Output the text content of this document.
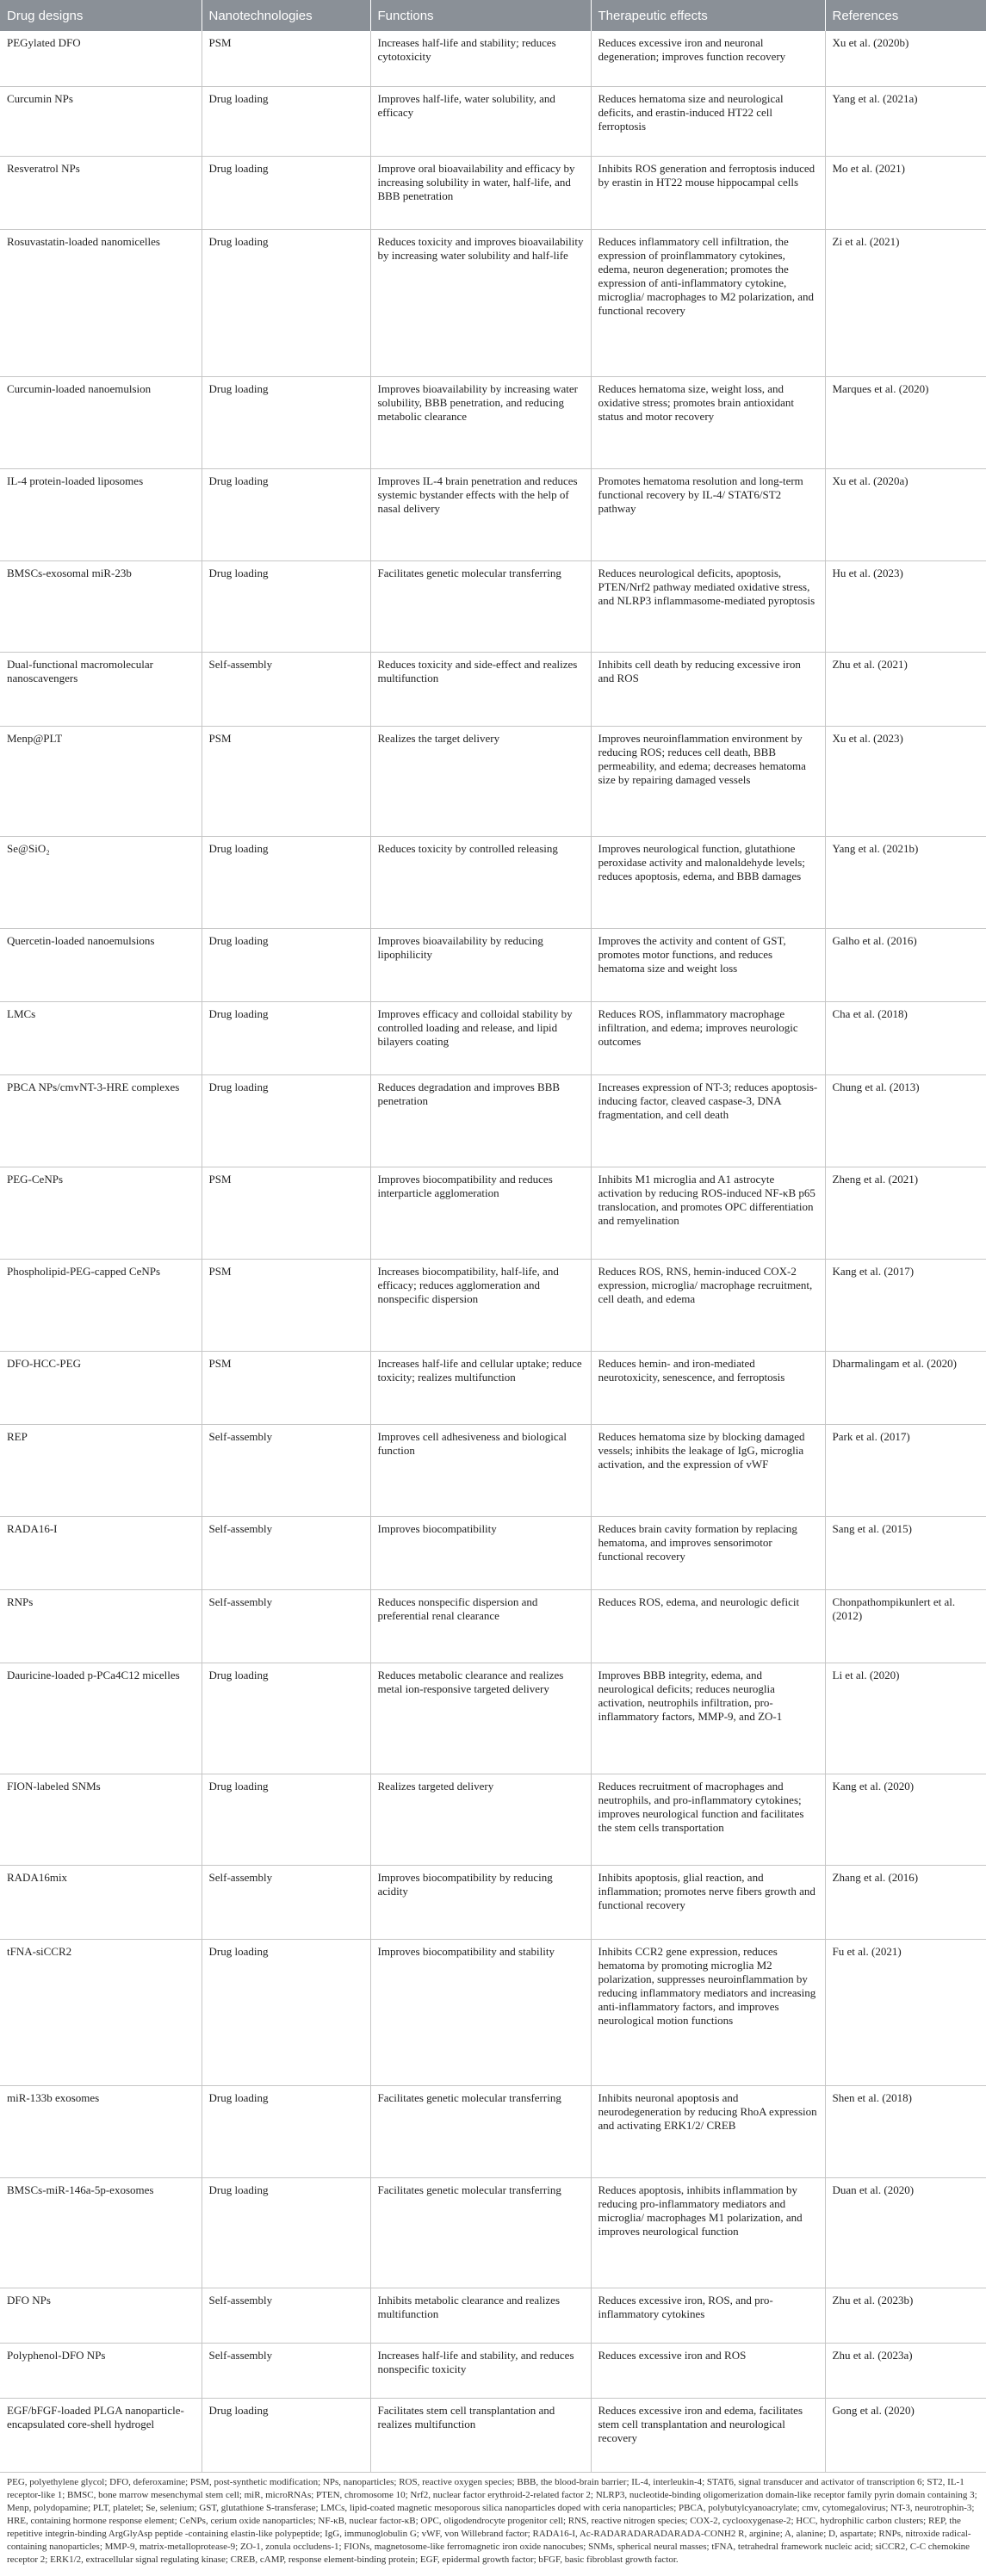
Drug designs	Nanotechnologies	Functions	Therapeutic effects	References
PEGylated DFO	PSM	Increases half-life and stability; reduces cytotoxicity	Reduces excessive iron and neuronal degeneration; improves function recovery	Xu et al. (2020b)
Curcumin NPs	Drug loading	Improves half-life, water solubility, and efficacy	Reduces hematoma size and neurological deficits, and erastin-induced HT22 cell ferroptosis	Yang et al. (2021a)
Resveratrol NPs	Drug loading	Improve oral bioavailability and efficacy by increasing solubility in water, half-life, and BBB penetration	Inhibits ROS generation and ferroptosis induced by erastin in HT22 mouse hippocampal cells	Mo et al. (2021)
Rosuvastatin-loaded nanomicelles	Drug loading	Reduces toxicity and improves bioavailability by increasing water solubility and half-life	Reduces inflammatory cell infiltration, the expression of proinflammatory cytokines, edema, neuron degeneration; promotes the expression of anti-inflammatory cytokine, microglia/ macrophages to M2 polarization, and functional recovery	Zi et al. (2021)
Curcumin-loaded nanoemulsion	Drug loading	Improves bioavailability by increasing water solubility, BBB penetration, and reducing metabolic clearance	Reduces hematoma size, weight loss, and oxidative stress; promotes brain antioxidant status and motor recovery	Marques et al. (2020)
IL-4 protein-loaded liposomes	Drug loading	Improves IL-4 brain penetration and reduces systemic bystander effects with the help of nasal delivery	Promotes hematoma resolution and long-term functional recovery by IL-4/ STAT6/ST2 pathway	Xu et al. (2020a)
BMSCs-exosomal miR-23b	Drug loading	Facilitates genetic molecular transferring	Reduces neurological deficits, apoptosis, PTEN/Nrf2 pathway mediated oxidative stress, and NLRP3 inflammasome-mediated pyroptosis	Hu et al. (2023)
Dual-functional macromolecular nanoscavengers	Self-assembly	Reduces toxicity and side-effect and realizes multifunction	Inhibits cell death by reducing excessive iron and ROS	Zhu et al. (2021)
Menp@PLT	PSM	Realizes the target delivery	Improves neuroinflammation environment by reducing ROS; reduces cell death, BBB permeability, and edema; decreases hematoma size by repairing damaged vessels	Xu et al. (2023)
Se@SiO₂	Drug loading	Reduces toxicity by controlled releasing	Improves neurological function, glutathione peroxidase activity and malonaldehyde levels; reduces apoptosis, edema, and BBB damages	Yang et al. (2021b)
Quercetin-loaded nanoemulsions	Drug loading	Improves bioavailability by reducing lipophilicity	Improves the activity and content of GST, promotes motor functions, and reduces hematoma size and weight loss	Galho et al. (2016)
LMCs	Drug loading	Improves efficacy and colloidal stability by controlled loading and release, and lipid bilayers coating	Reduces ROS, inflammatory macrophage infiltration, and edema; improves neurologic outcomes	Cha et al. (2018)
PBCA NPs/cmvNT-3-HRE complexes	Drug loading	Reduces degradation and improves BBB penetration	Increases expression of NT-3; reduces apoptosis-inducing factor, cleaved caspase-3, DNA fragmentation, and cell death	Chung et al. (2013)
PEG-CeNPs	PSM	Improves biocompatibility and reduces interparticle agglomeration	Inhibits M1 microglia and A1 astrocyte activation by reducing ROS-induced NF-κB p65 translocation, and promotes OPC differentiation and remyelination	Zheng et al. (2021)
Phospholipid-PEG-capped CeNPs	PSM	Increases biocompatibility, half-life, and efficacy; reduces agglomeration and nonspecific dispersion	Reduces ROS, RNS, hemin-induced COX-2 expression, microglia/ macrophage recruitment, cell death, and edema	Kang et al. (2017)
DFO-HCC-PEG	PSM	Increases half-life and cellular uptake; reduce toxicity; realizes multifunction	Reduces hemin- and iron-mediated neurotoxicity, senescence, and ferroptosis	Dharmalingam et al. (2020)
REP	Self-assembly	Improves cell adhesiveness and biological function	Reduces hematoma size by blocking damaged vessels; inhibits the leakage of IgG, microglia activation, and the expression of vWF	Park et al. (2017)
RADA16-I	Self-assembly	Improves biocompatibility	Reduces brain cavity formation by replacing hematoma, and improves sensorimotor functional recovery	Sang et al. (2015)
RNPs	Self-assembly	Reduces nonspecific dispersion and preferential renal clearance	Reduces ROS, edema, and neurologic deficit	Chonpathompikunlert et al. (2012)
Dauricine-loaded p-PCa4C12 micelles	Drug loading	Reduces metabolic clearance and realizes metal ion-responsive targeted delivery	Improves BBB integrity, edema, and neurological deficits; reduces neuroglia activation, neutrophils infiltration, pro-inflammatory factors, MMP-9, and ZO-1	Li et al. (2020)
FION-labeled SNMs	Drug loading	Realizes targeted delivery	Reduces recruitment of macrophages and neutrophils, and pro-inflammatory cytokines; improves neurological function and facilitates the stem cells transportation	Kang et al. (2020)
RADA16mix	Self-assembly	Improves biocompatibility by reducing acidity	Inhibits apoptosis, glial reaction, and inflammation; promotes nerve fibers growth and functional recovery	Zhang et al. (2016)
tFNA-siCCR2	Drug loading	Improves biocompatibility and stability	Inhibits CCR2 gene expression, reduces hematoma by promoting microglia M2 polarization, suppresses neuroinflammation by reducing inflammatory mediators and increasing anti-inflammatory factors, and improves neurological motion functions	Fu et al. (2021)
miR-133b exosomes	Drug loading	Facilitates genetic molecular transferring	Inhibits neuronal apoptosis and neurodegeneration by reducing RhoA expression and activating ERK1/2/ CREB	Shen et al. (2018)
BMSCs-miR-146a-5p-exosomes	Drug loading	Facilitates genetic molecular transferring	Reduces apoptosis, inhibits inflammation by reducing pro-inflammatory mediators and microglia/ macrophages M1 polarization, and improves neurological function	Duan et al. (2020)
DFO NPs	Self-assembly	Inhibits metabolic clearance and realizes multifunction	Reduces excessive iron, ROS, and pro-inflammatory cytokines	Zhu et al. (2023b)
Polyphenol-DFO NPs	Self-assembly	Increases half-life and stability, and reduces nonspecific toxicity	Reduces excessive iron and ROS	Zhu et al. (2023a)
EGF/bFGF-loaded PLGA nanoparticle-encapsulated core-shell hydrogel	Drug loading	Facilitates stem cell transplantation and realizes multifunction	Reduces excessive iron and edema, facilitates stem cell transplantation and neurological recovery	Gong et al. (2020)

PEG, polyethylene glycol; DFO, deferoxamine; PSM, post-synthetic modification; NPs, nanoparticles; ROS, reactive oxygen species; BBB, the blood-brain barrier; IL-4, interleukin-4; STAT6, signal transducer and activator of transcription 6; ST2, IL-1 receptor-like 1; BMSC, bone marrow mesenchymal stem cell; miR, microRNAs; PTEN, chromosome 10; Nrf2, nuclear factor erythroid-2-related factor 2; NLRP3, nucleotide-binding oligomerization domain-like receptor family pyrin domain containing 3; Menp, polydopamine; PLT, platelet; Se, selenium; GST, glutathione S-transferase; LMCs, lipid-coated magnetic mesoporous silica nanoparticles doped with ceria nanoparticles; PBCA, polybutylcyanoacrylate; cmv, cytomegalovirus; NT-3, neurotrophin-3; HRE, containing hormone response element; CeNPs, cerium oxide nanoparticles; NF-κB, nuclear factor-κB; OPC, oligodendrocyte progenitor cell; RNS, reactive nitrogen species; COX-2, cyclooxygenase-2; HCC, hydrophilic carbon clusters; REP, the repetitive integrin-binding ArgGlyAsp peptide -containing elastin-like polypeptide; IgG, immunoglobulin G; vWF, von Willebrand factor; RADA16-I, Ac-RADARADARADARADA-CONH2 R, arginine; A, alanine; D, aspartate; RNPs, nitroxide radical-containing nanoparticles; MMP-9, matrix-metalloprotease-9; ZO-1, zonula occludens-1; FIONs, magnetosome-like ferromagnetic iron oxide nanocubes; SNMs, spherical neural masses; tFNA, tetrahedral framework nucleic acid; siCCR2, C-C chemokine receptor 2; ERK1/2, extracellular signal regulating kinase; CREB, cAMP, response element-binding protein; EGF, epidermal growth factor; bFGF, basic fibroblast growth factor.
